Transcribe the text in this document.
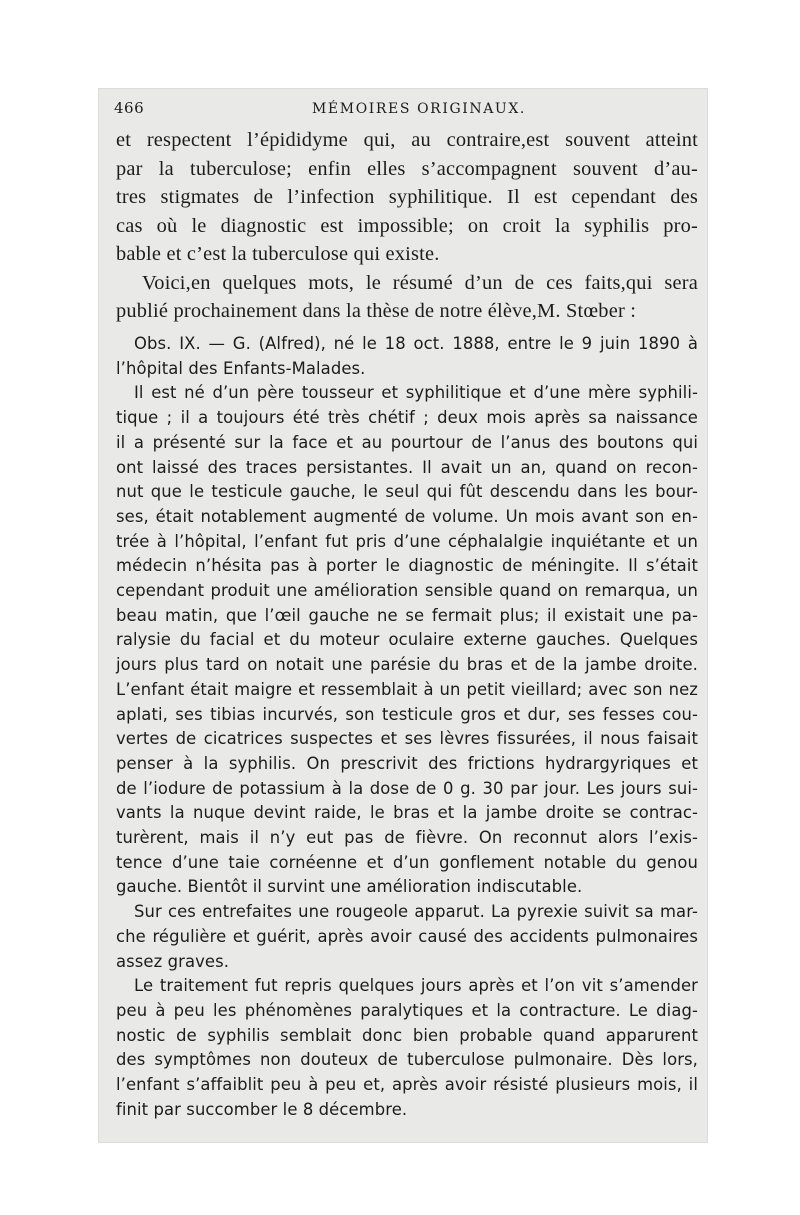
466	MÉMOIRES ORIGINAUX.
et respectent l’épididyme qui, au contraire,est souvent atteint
par la tuberculose; enfin elles s’accompagnent souvent d’au-
tres stigmates de l’infection syphilitique. Il est cependant des
cas où le diagnostic est impossible; on croit la syphilis pro-
bable et c’est la tuberculose qui existe.
Voici,en quelques mots, le résumé d’un de ces faits,qui sera
publié prochainement dans la thèse de notre élève,M. Stœber :
Obs. IX. — G. (Alfred), né le 18 oct. 1888, entre le 9 juin 1890 à
l’hôpital des Enfants-Malades.
Il est né d’un père tousseur et syphilitique et d’une mère syphili-
tique ; il a toujours été très chétif ; deux mois après sa naissance
il a présenté sur la face et au pourtour de l’anus des boutons qui
ont laissé des traces persistantes. Il avait un an, quand on recon-
nut que le testicule gauche, le seul qui fût descendu dans les bour-
ses, était notablement augmenté de volume. Un mois avant son en-
trée à l’hôpital, l’enfant fut pris d’une céphalalgie inquiétante et un
médecin n’hésita pas à porter le diagnostic de méningite. Il s’était
cependant produit une amélioration sensible quand on remarqua, un
beau matin, que l’œil gauche ne se fermait plus; il existait une pa-
ralysie du facial et du moteur oculaire externe gauches. Quelques
jours plus tard on notait une parésie du bras et de la jambe droite.
L’enfant était maigre et ressemblait à un petit vieillard; avec son nez
aplati, ses tibias incurvés, son testicule gros et dur, ses fesses cou-
vertes de cicatrices suspectes et ses lèvres fissurées, il nous faisait
penser à la syphilis. On prescrivit des frictions hydrargyriques et
de l’iodure de potassium à la dose de 0 g. 30 par jour. Les jours sui-
vants la nuque devint raide, le bras et la jambe droite se contrac-
turèrent, mais il n’y eut pas de fièvre. On reconnut alors l’exis-
tence d’une taie cornéenne et d’un gonflement notable du genou
gauche. Bientôt il survint une amélioration indiscutable.
Sur ces entrefaites une rougeole apparut. La pyrexie suivit sa mar-
che régulière et guérit, après avoir causé des accidents pulmonaires
assez graves.
Le traitement fut repris quelques jours après et l’on vit s’amender
peu à peu les phénomènes paralytiques et la contracture. Le diag-
nostic de syphilis semblait donc bien probable quand apparurent
des symptômes non douteux de tuberculose pulmonaire. Dès lors,
l’enfant s’affaiblit peu à peu et, après avoir résisté plusieurs mois, il
finit par succomber le 8 décembre.
